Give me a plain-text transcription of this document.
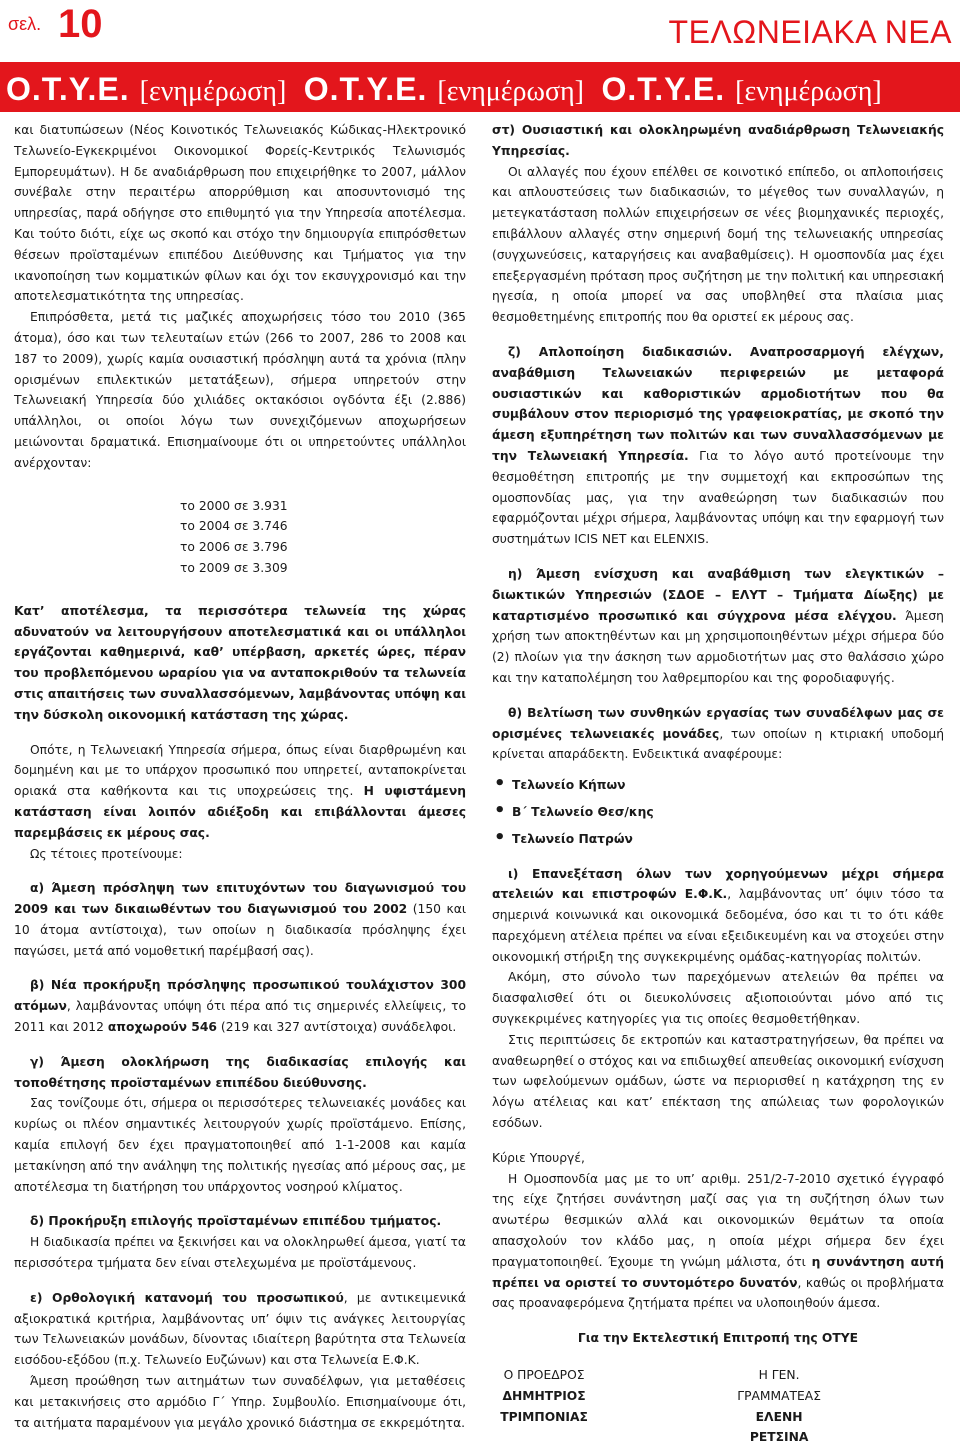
σελ. 10	ΤΕΛΩΝΕΙΑΚΑ ΝΕΑ
Ο.Τ.Υ.Ε. [ενημέρωση] Ο.Τ.Υ.Ε. [ενημέρωση] Ο.Τ.Υ.Ε. [ενημέρωση]

και διατυπώσεων (Νέος Κοινοτικός Τελωνειακός Κώδικας-Ηλεκτρονικό Τελωνείο-Εγκεκριμένοι Οικονομικοί Φορείς-Κεντρικός Τελωνισμός Εμπορευμάτων). Η δε αναδιάρθρωση που επιχειρήθηκε το 2007, μάλλον συνέβαλε στην περαιτέρω απορρύθμιση και αποσυντονισμό της υπηρεσίας, παρά οδήγησε στο επιθυμητό για την Υπηρεσία αποτέλεσμα. Και τούτο διότι, είχε ως σκοπό και στόχο την δημιουργία επιπρόσθετων θέσεων προϊσταμένων επιπέδου Διεύθυνσης και Τμήματος για την ικανοποίηση των κομματικών φίλων και όχι τον εκσυγχρονισμό και την αποτελεσματικότητα της υπηρεσίας.

Επιπρόσθετα, μετά τις μαζικές αποχωρήσεις τόσο του 2010 (365 άτομα), όσο και των τελευταίων ετών (266 το 2007, 286 το 2008 και 187 το 2009), χωρίς καμία ουσιαστική πρόσληψη αυτά τα χρόνια (πλην ορισμένων επιλεκτικών μετατάξεων), σήμερα υπηρετούν στην Τελωνειακή Υπηρεσία δύο χιλιάδες οκτακόσιοι ογδόντα έξι (2.886) υπάλληλοι, οι οποίοι λόγω των συνεχιζόμενων αποχωρήσεων μειώνονται δραματικά. Επισημαίνουμε ότι οι υπηρετούντες υπάλληλοι ανέρχονταν:

το 2000 σε 3.931
το 2004 σε 3.746
το 2006 σε 3.796
το 2009 σε 3.309

Κατ’ αποτέλεσμα, τα περισσότερα τελωνεία της χώρας αδυνατούν να λειτουργήσουν αποτελεσματικά και οι υπάλληλοι εργάζονται καθημερινά, καθ’ υπέρβαση, αρκετές ώρες, πέραν του προβλεπόμενου ωραρίου για να ανταποκριθούν τα τελωνεία στις απαιτήσεις των συναλλασσόμενων, λαμβάνοντας υπόψη και την δύσκολη οικονομική κατάσταση της χώρας.

Οπότε, η Τελωνειακή Υπηρεσία σήμερα, όπως είναι διαρθρωμένη και δομημένη και με το υπάρχον προσωπικό που υπηρετεί, ανταποκρίνεται οριακά στα καθήκοντα και τις υποχρεώσεις της. Η υφιστάμενη κατάσταση είναι λοιπόν αδιέξοδη και επιβάλλονται άμεσες παρεμβάσεις εκ μέρους σας.

Ως τέτοιες προτείνουμε:

α) Άμεση πρόσληψη των επιτυχόντων του διαγωνισμού του 2009 και των δικαιωθέντων του διαγωνισμού του 2002 (150 και 10 άτομα αντίστοιχα), των οποίων η διαδικασία πρόσληψης έχει παγώσει, μετά από νομοθετική παρέμβασή σας).

β) Νέα προκήρυξη πρόσληψης προσωπικού τουλάχιστον 300 ατόμων, λαμβάνοντας υπόψη ότι πέρα από τις σημερινές ελλείψεις, το 2011 και 2012 αποχωρούν 546 (219 και 327 αντίστοιχα) συνάδελφοι.

γ) Άμεση ολοκλήρωση της διαδικασίας επιλογής και τοποθέτησης προϊσταμένων επιπέδου διεύθυνσης.

Σας τονίζουμε ότι, σήμερα οι περισσότερες τελωνειακές μονάδες και κυρίως οι πλέον σημαντικές λειτουργούν χωρίς προϊστάμενο. Επίσης, καμία επιλογή δεν έχει πραγματοποιηθεί από 1-1-2008 και καμία μετακίνηση από την ανάληψη της πολιτικής ηγεσίας από μέρους σας, με αποτέλεσμα τη διατήρηση του υπάρχοντος νοσηρού κλίματος.

δ) Προκήρυξη επιλογής προϊσταμένων επιπέδου τμήματος.

Η διαδικασία πρέπει να ξεκινήσει και να ολοκληρωθεί άμεσα, γιατί τα περισσότερα τμήματα δεν είναι στελεχωμένα με προϊστάμενους.

ε) Ορθολογική κατανομή του προσωπικού, με αντικειμενικά αξιοκρατικά κριτήρια, λαμβάνοντας υπ’ όψιν τις ανάγκες λειτουργίας των Τελωνειακών μονάδων, δίνοντας ιδιαίτερη βαρύτητα στα Τελωνεία εισόδου-εξόδου (π.χ. Τελωνείο Ευζώνων) και στα Τελωνεία Ε.Φ.Κ.

Άμεση προώθηση των αιτημάτων των συναδέλφων, για μεταθέσεις και μετακινήσεις στο αρμόδιο Γ΄ Υπηρ. Συμβουλίο. Επισημαίνουμε ότι, τα αιτήματα παραμένουν για μεγάλο χρονικό διάστημα σε εκκρεμότητα.

στ) Ουσιαστική και ολοκληρωμένη αναδιάρθρωση Τελωνειακής Υπηρεσίας.

Οι αλλαγές που έχουν επέλθει σε κοινοτικό επίπεδο, οι απλοποιήσεις και απλουστεύσεις των διαδικασιών, το μέγεθος των συναλλαγών, η μετεγκατάσταση πολλών επιχειρήσεων σε νέες βιομηχανικές περιοχές, επιβάλλουν αλλαγές στην σημερινή δομή της τελωνειακής υπηρεσίας (συγχωνεύσεις, καταργήσεις και αναβαθμίσεις). Η ομοσπονδία μας έχει επεξεργασμένη πρόταση προς συζήτηση με την πολιτική και υπηρεσιακή ηγεσία, η οποία μπορεί να σας υποβληθεί στα πλαίσια μιας θεσμοθετημένης επιτροπής που θα οριστεί εκ μέρους σας.

ζ) Απλοποίηση διαδικασιών. Αναπροσαρμογή ελέγχων, αναβάθμιση Τελωνειακών περιφερειών με μεταφορά ουσιαστικών και καθοριστικών αρμοδιοτήτων που θα συμβάλουν στον περιορισμό της γραφειοκρατίας, με σκοπό την άμεση εξυπηρέτηση των πολιτών και των συναλλασσόμενων με την Τελωνειακή Υπηρεσία. Για το λόγο αυτό προτείνουμε την θεσμοθέτηση επιτροπής με την συμμετοχή και εκπροσώπων της ομοσπονδίας μας, για την αναθεώρηση των διαδικασιών που εφαρμόζονται μέχρι σήμερα, λαμβάνοντας υπόψη και την εφαρμογή των συστημάτων ICIS NET και ELENXIS.

η) Άμεση ενίσχυση και αναβάθμιση των ελεγκτικών – διωκτικών Υπηρεσιών (ΣΔΟΕ – ΕΛΥΤ – Τμήματα Δίωξης) με καταρτισμένο προσωπικό και σύγχρονα μέσα ελέγχου. Άμεση χρήση των αποκτηθέντων και μη χρησιμοποιηθέντων μέχρι σήμερα δύο (2) πλοίων για την άσκηση των αρμοδιοτήτων μας στο θαλάσσιο χώρο και την καταπολέμηση του λαθρεμπορίου και της φοροδιαφυγής.

θ) Βελτίωση των συνθηκών εργασίας των συναδέλφων μας σε ορισμένες τελωνειακές μονάδες, των οποίων η κτιριακή υποδομή κρίνεται απαράδεκτη. Ενδεικτικά αναφέρουμε:

• Τελωνείο Κήπων
• Β΄ Τελωνείο Θεσ/κης
• Τελωνείο Πατρών

ι) Επανεξέταση όλων των χορηγούμενων μέχρι σήμερα ατελειών και επιστροφών Ε.Φ.Κ., λαμβάνοντας υπ’ όψιν τόσο τα σημερινά κοινωνικά και οικονομικά δεδομένα, όσο και τι το ότι κάθε παρεχόμενη ατέλεια πρέπει να είναι εξειδικευμένη και να στοχεύει στην οικονομική στήριξη της συγκεκριμένης ομάδας-κατηγορίας πολιτών.

Ακόμη, στο σύνολο των παρεχόμενων ατελειών θα πρέπει να διασφαλισθεί ότι οι διευκολύνσεις αξιοποιούνται μόνο από τις συγκεκριμένες κατηγορίες για τις οποίες θεσμοθετήθηκαν.

Στις περιπτώσεις δε εκτροπών και καταστρατηγήσεων, θα πρέπει να αναθεωρηθεί ο στόχος και να επιδιωχθεί απευθείας οικονομική ενίσχυση των ωφελούμενων ομάδων, ώστε να περιορισθεί η κατάχρηση της εν λόγω ατέλειας και κατ’ επέκταση της απώλειας των φορολογικών εσόδων.

Κύριε Υπουργέ,

Η Ομοσπονδία μας με το υπ’ αριθμ. 251/2-7-2010 σχετικό έγγραφό της είχε ζητήσει συνάντηση μαζί σας για τη συζήτηση όλων των ανωτέρω θεσμικών αλλά και οικονομικών θεμάτων τα οποία απασχολούν τον κλάδο μας, η οποία μέχρι σήμερα δεν έχει πραγματοποιηθεί. Έχουμε τη γνώμη μάλιστα, ότι η συνάντηση αυτή πρέπει να οριστεί το συντομότερο δυνατόν, καθώς οι προβλήματα σας προαναφερόμενα ζητήματα πρέπει να υλοποιηθούν άμεσα.

Για την Εκτελεστική Επιτροπή της ΟΤΥΕ

Ο ΠΡΟΕΔΡΟΣ
ΔΗΜΗΤΡΙΟΣ ΤΡΙΜΠΟΝΙΑΣ
Η ΓΕΝ. ΓΡΑΜΜΑΤΕΑΣ
ΕΛΕΝΗ ΡΕΤΣΙΝΑ
